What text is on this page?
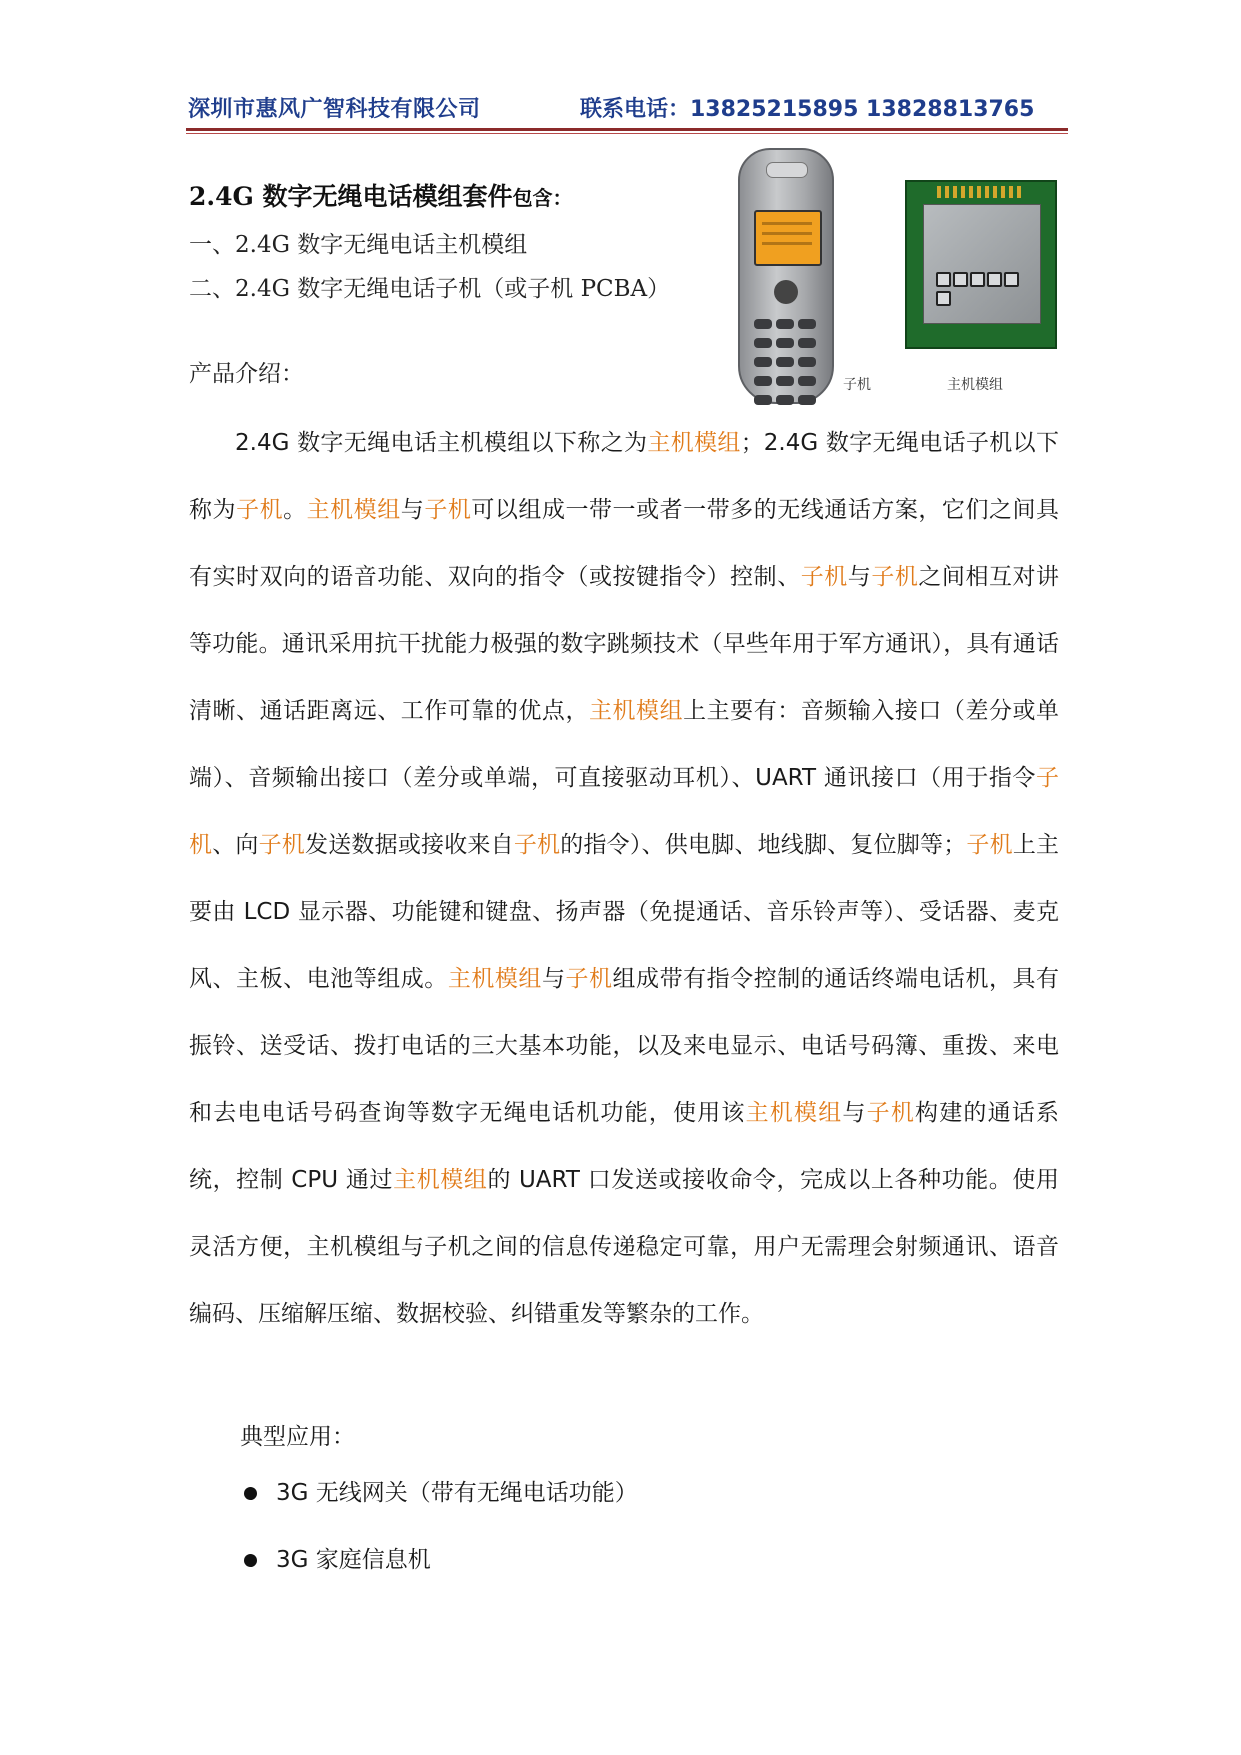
深圳市惠风广智科技有限公司	联系电话：13825215895 13828813765
2.4G 数字无绳电话模组套件包含：
一、2.4G 数字无绳电话主机模组
二、2.4G 数字无绳电话子机（或子机 PCBA）
产品介绍：
	子机	主机模组

2.4G 数字无绳电话主机模组以下称之为主机模组；2.4G 数字无绳电话子机以下称为子机。主机模组与子机可以组成一带一或者一带多的无线通话方案，它们之间具有实时双向的语音功能、双向的指令（或按键指令）控制、子机与子机之间相互对讲等功能。通讯采用抗干扰能力极强的数字跳频技术（早些年用于军方通讯），具有通话清晰、通话距离远、工作可靠的优点，主机模组上主要有：音频输入接口（差分或单端）、音频输出接口（差分或单端，可直接驱动耳机）、UART 通讯接口（用于指令子机、向子机发送数据或接收来自子机的指令）、供电脚、地线脚、复位脚等；子机上主要由 LCD 显示器、功能键和键盘、扬声器（免提通话、音乐铃声等）、受话器、麦克风、主板、电池等组成。主机模组与子机组成带有指令控制的通话终端电话机，具有振铃、送受话、拨打电话的三大基本功能，以及来电显示、电话号码簿、重拨、来电和去电电话号码查询等数字无绳电话机功能，使用该主机模组与子机构建的通话系统，控制 CPU 通过主机模组的 UART 口发送或接收命令，完成以上各种功能。使用灵活方便，主机模组与子机之间的信息传递稳定可靠，用户无需理会射频通讯、语音编码、压缩解压缩、数据校验、纠错重发等繁杂的工作。

典型应用：
3G 无线网关（带有无绳电话功能）
3G 家庭信息机
